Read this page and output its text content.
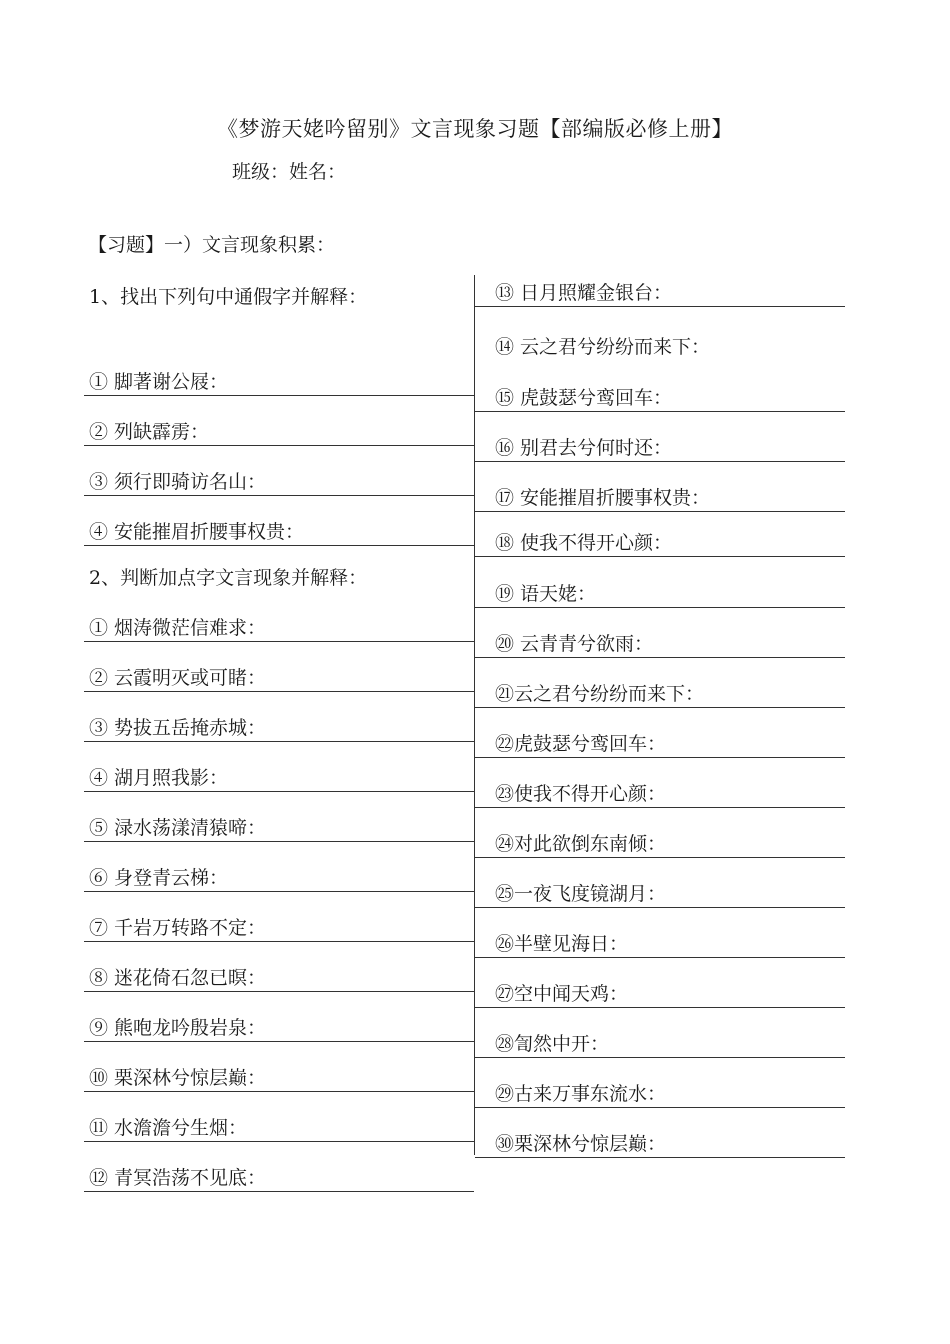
《梦游天姥吟留别》文言现象习题【部编版必修上册】
班级：姓名：
【习题】一）文言现象积累：
1、找出下列句中通假字并解释：
① 脚著谢公屐：
② 列缺霹雳：
③ 须行即骑访名山：
④ 安能摧眉折腰事权贵：
2、判断加点字文言现象并解释：
① 烟涛微茫信难求：
② 云霞明灭或可睹：
③ 势拔五岳掩赤城：
④ 湖月照我影：
⑤ 渌水荡漾清猿啼：
⑥ 身登青云梯：
⑦ 千岩万转路不定：
⑧ 迷花倚石忽已暝：
⑨ 熊咆龙吟殷岩泉：
⑩ 栗深林兮惊层巅：
⑪ 水澹澹兮生烟：
⑫ 青冥浩荡不见底：
⑬ 日月照耀金银台：
⑭ 云之君兮纷纷而来下：
⑮ 虎鼓瑟兮鸾回车：
⑯ 别君去兮何时还：
⑰ 安能摧眉折腰事权贵：
⑱ 使我不得开心颜：
⑲ 语天姥：
⑳ 云青青兮欲雨：
㉑云之君兮纷纷而来下：
㉒虎鼓瑟兮鸾回车：
㉓使我不得开心颜：
㉔对此欲倒东南倾：
㉕一夜飞度镜湖月：
㉖半壁见海日：
㉗空中闻天鸡：
㉘訇然中开：
㉙古来万事东流水：
㉚栗深林兮惊层巅：
